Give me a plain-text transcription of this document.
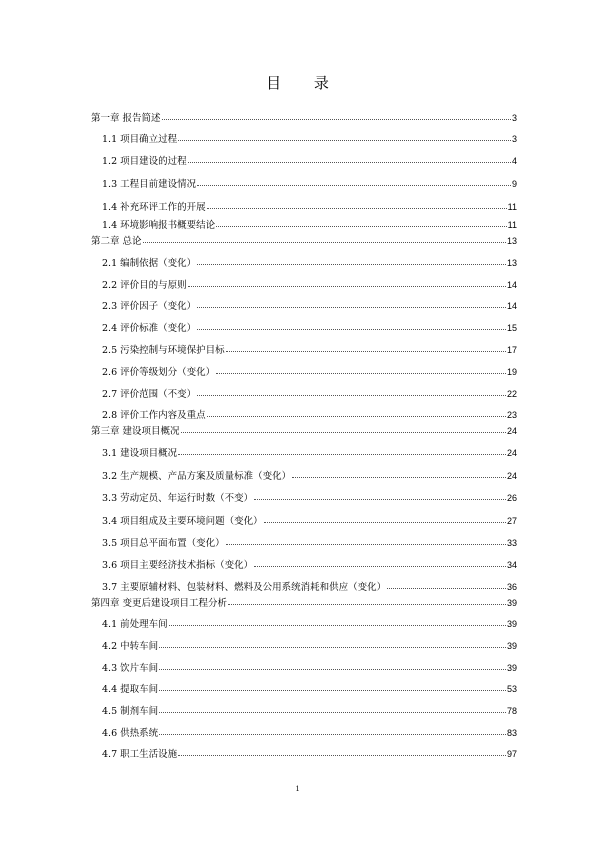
目 录
第一章 报告简述	3
1.1 项目确立过程	3
1.2 项目建设的过程	4
1.3 工程目前建设情况	9
1.4 补充环评工作的开展	11
1.4 环境影响报书概要结论	11
第二章 总论	13
2.1 编制依据（变化）	13
2.2 评价目的与原则	14
2.3 评价因子（变化）	14
2.4 评价标准（变化）	15
2.5 污染控制与环境保护目标	17
2.6 评价等级划分（变化）	19
2.7 评价范围（不变）	22
2.8 评价工作内容及重点	23
第三章 建设项目概况	24
3.1 建设项目概况	24
3.2 生产规模、产品方案及质量标准（变化）	24
3.3 劳动定员、年运行时数（不变）	26
3.4 项目组成及主要环境问题（变化）	27
3.5 项目总平面布置（变化）	33
3.6 项目主要经济技术指标（变化）	34
3.7 主要原辅材料、包装材料、燃料及公用系统消耗和供应（变化）	36
第四章 变更后建设项目工程分析	39
4.1 前处理车间	39
4.2 中转车间	39
4.3 饮片车间	39
4.4 提取车间	53
4.5 制剂车间	78
4.6 供热系统	83
4.7 职工生活设施	97
1
